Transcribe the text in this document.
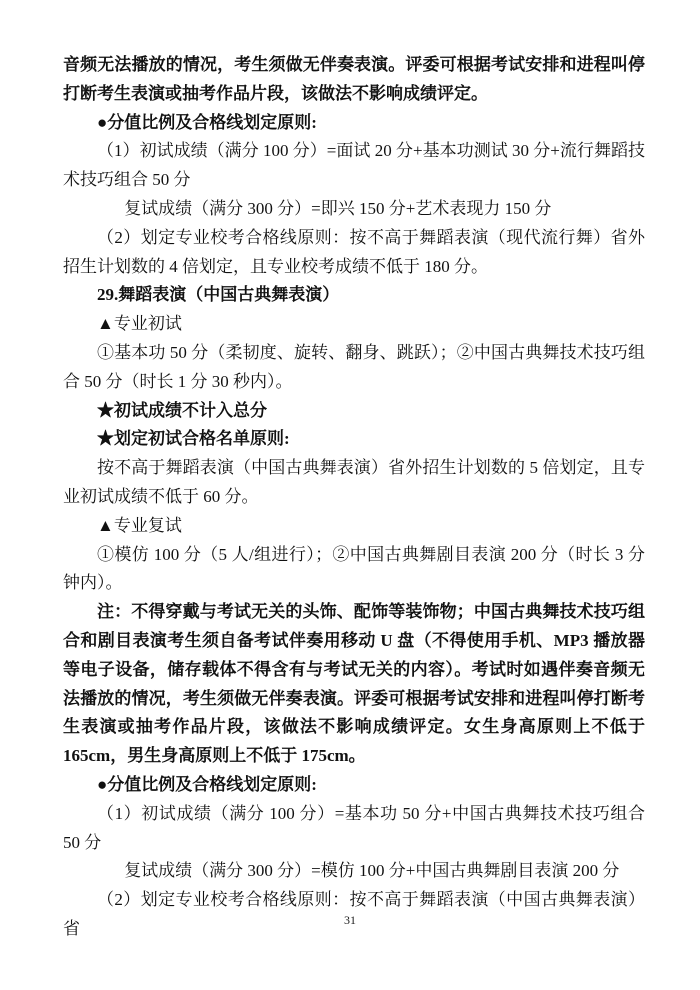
音频无法播放的情况，考生须做无伴奏表演。评委可根据考试安排和进程叫停打断考生表演或抽考作品片段，该做法不影响成绩评定。

●分值比例及合格线划定原则:

（1）初试成绩（满分 100 分）=面试 20 分+基本功测试 30 分+流行舞蹈技术技巧组合 50 分

复试成绩（满分 300 分）=即兴 150 分+艺术表现力 150 分

（2）划定专业校考合格线原则：按不高于舞蹈表演（现代流行舞）省外招生计划数的 4 倍划定，且专业校考成绩不低于 180 分。

29.舞蹈表演（中国古典舞表演）

▲专业初试

①基本功 50 分（柔韧度、旋转、翻身、跳跃）；②中国古典舞技术技巧组合 50 分（时长 1 分 30 秒内）。

★初试成绩不计入总分

★划定初试合格名单原则:

按不高于舞蹈表演（中国古典舞表演）省外招生计划数的 5 倍划定，且专业初试成绩不低于 60 分。

▲专业复试

①模仿 100 分（5 人/组进行）；②中国古典舞剧目表演 200 分（时长 3 分钟内）。

注：不得穿戴与考试无关的头饰、配饰等装饰物；中国古典舞技术技巧组合和剧目表演考生须自备考试伴奏用移动 U 盘（不得使用手机、MP3 播放器等电子设备，储存载体不得含有与考试无关的内容）。考试时如遇伴奏音频无法播放的情况，考生须做无伴奏表演。评委可根据考试安排和进程叫停打断考生表演或抽考作品片段，该做法不影响成绩评定。女生身高原则上不低于 165cm，男生身高原则上不低于 175cm。

●分值比例及合格线划定原则:

（1）初试成绩（满分 100 分）=基本功 50 分+中国古典舞技术技巧组合 50 分

复试成绩（满分 300 分）=模仿 100 分+中国古典舞剧目表演 200 分

（2）划定专业校考合格线原则：按不高于舞蹈表演（中国古典舞表演）省	31
